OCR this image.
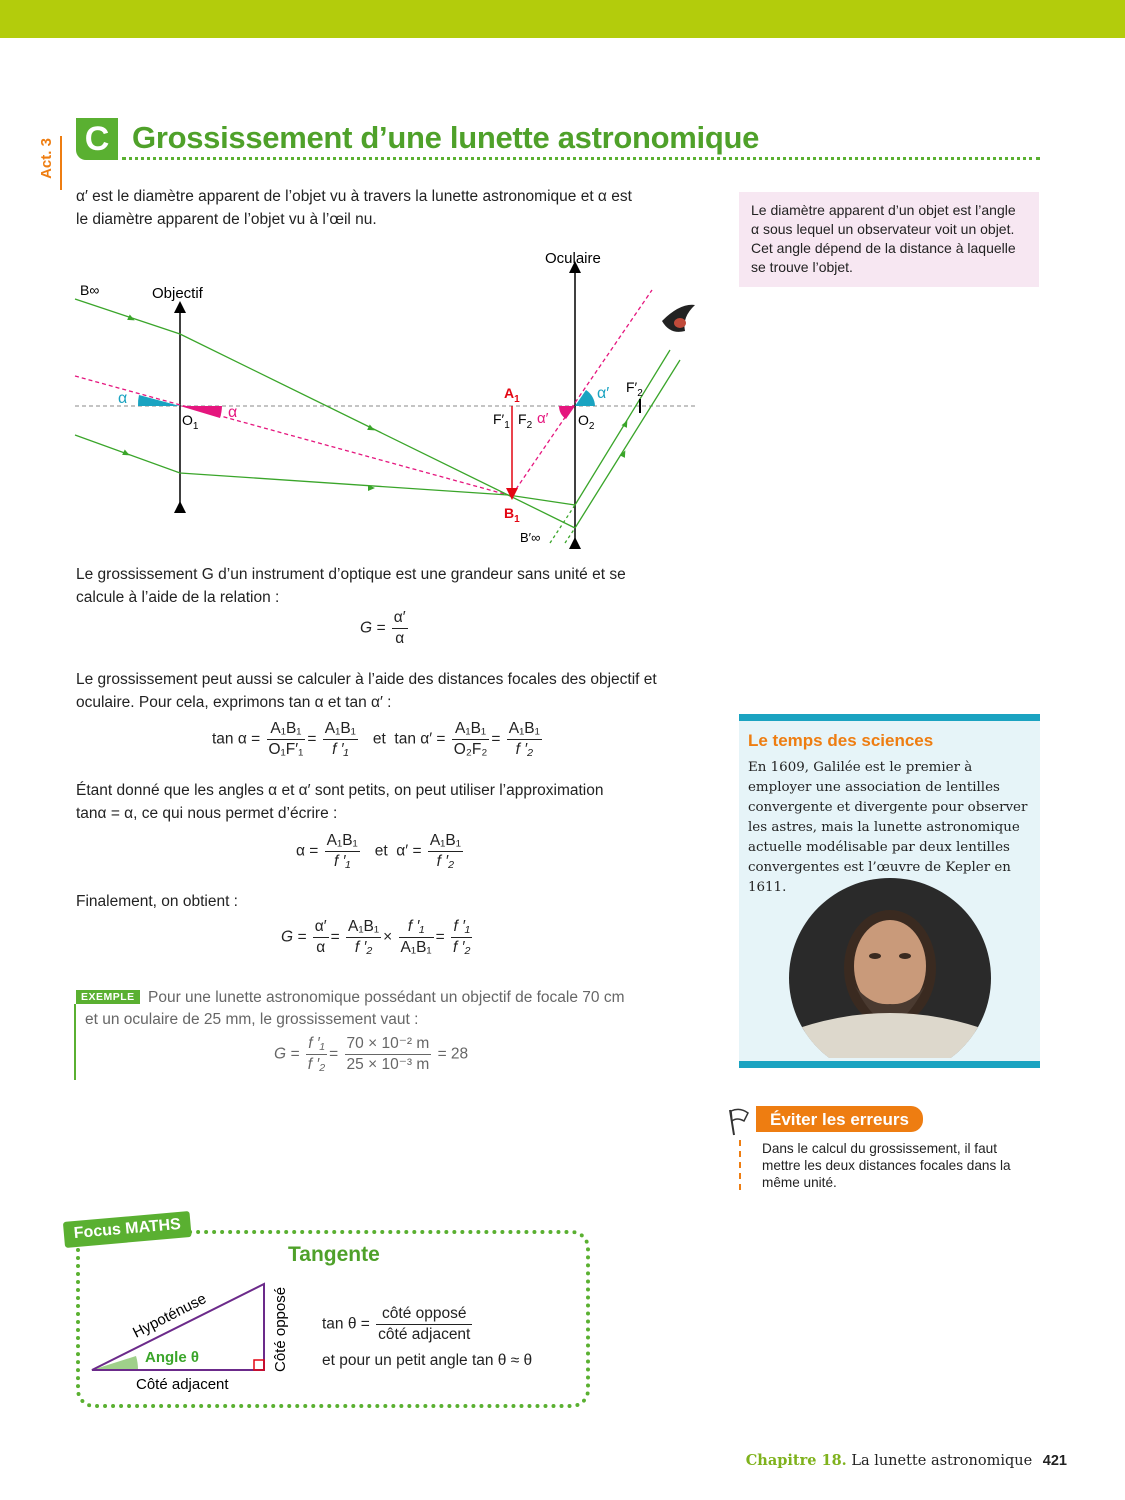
Act. 3 C Grossissement d’une lunette astronomique
α′ est le diamètre apparent de l’objet vu à travers la lunette astronomique et α est
le diamètre apparent de l’objet vu à l’œil nu.

Le diamètre apparent d’un objet est l’angle α sous lequel un observateur voit un objet. Cet angle dépend de la distance à laquelle se trouve l’objet.

Oculaire
Objectif
B∞
B′∞
α
α
$O_1$
$A_1$
$B_1$
$F'_1$ $F_2$ α′ $O_2$
α′ $F'_2$
Le grossissement G d’un instrument d’optique est une grandeur sans unité et se
calcule à l’aide de la relation :
$G = \frac{\alpha'}{\alpha}$
Le grossissement peut aussi se calculer à l’aide des distances focales des objectif et
oculaire. Pour cela, exprimons tan α et tan α′ :
$\tan \alpha = \frac{\text{A₁B₁}}{\text{O₁F′₁}} = \frac{\text{A₁B₁}}{\text{f ′₁}}$ et $\tan \alpha' = \frac{\text{A₁B₁}}{\text{O₂F₂}} = \frac{\text{A₁B₁}}{\text{f ′₂}}$
Étant donné que les angles α et α′ sont petits, on peut utiliser l’approximation
tanα = α, ce qui nous permet d’écrire :
$\alpha = \frac{\text{A₁B₁}}{\text{f ′₁}}$ et $\alpha' = \frac{\text{A₁B₁}}{\text{f ′₂}}$
Finalement, on obtient :
$G = \frac{\alpha'}{\alpha} = \frac{\text{A₁B₁}}{\text{f ′₂}} \times \frac{\text{f ′₁}}{\text{A₁B₁}} = \frac{\text{f ′₁}}{\text{f ′₂}}$
EXEMPLE Pour une lunette astronomique possédant un objectif de focale 70 cm
et un oculaire de 25 mm, le grossissement vaut :
$G = \frac{\text{f ′₁}}{\text{f ′₂}} = \frac{\text{70 × 10⁻² m}}{\text{25 × 10⁻³ m}} = 28$
Le temps des sciences
En 1609, Galilée est le premier à employer une association de lentilles convergente et divergente pour observer les astres, mais la lunette astronomique actuelle modélisable par deux lentilles convergentes est l’œuvre de Kepler en 1611.
Éviter les erreurs
Dans le calcul du grossissement, il faut mettre les deux distances focales dans la même unité.
Focus MATHS
Tangente
Hypoténuse	Côté opposé
Côté adjacent
Angle θ
$\tan \theta = \frac{\text{côté opposé}}{\text{côté adjacent}}$
et pour un petit angle tan θ ≈ θ
Chapitre 18. La lunette astronomique 421
